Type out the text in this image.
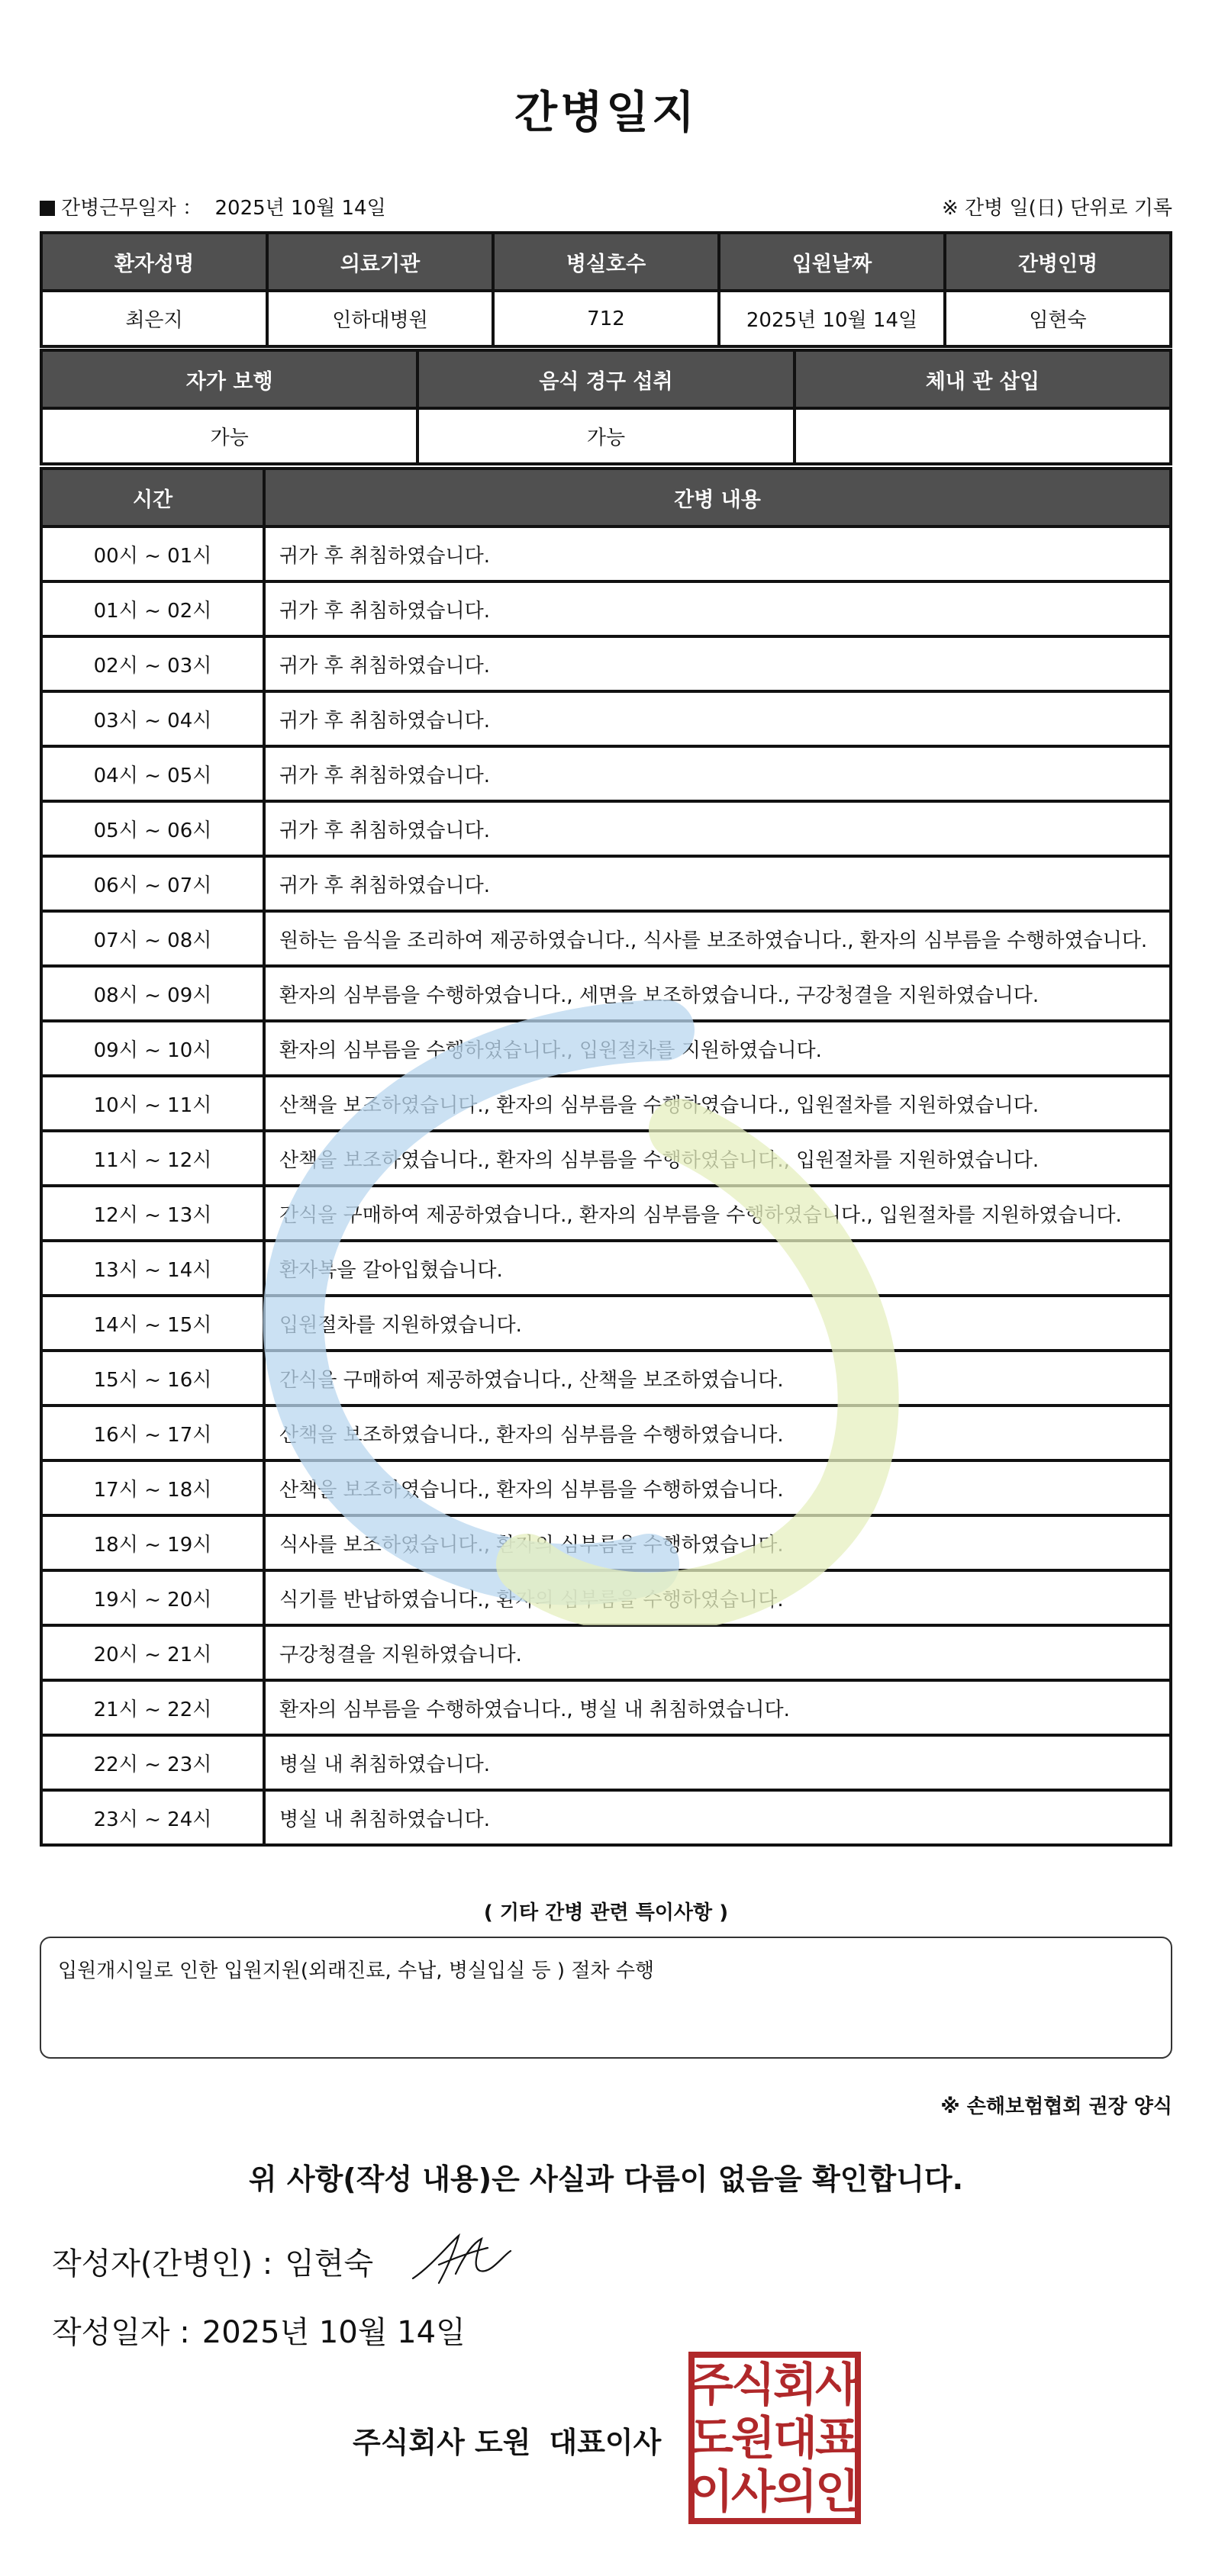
간병일지
간병근무일자 ： 2025년 10월 14일	※ 간병 일(日) 단위로 기록
환자성명	의료기관	병실호수	입원날짜	간병인명
최은지	인하대병원	712	2025년 10월 14일	임현숙
자가 보행	음식 경구 섭취	체내 관 삽입
가능	가능	
시간	간병 내용
00시 ~ 01시	귀가 후 취침하였습니다.
01시 ~ 02시	귀가 후 취침하였습니다.
02시 ~ 03시	귀가 후 취침하였습니다.
03시 ~ 04시	귀가 후 취침하였습니다.
04시 ~ 05시	귀가 후 취침하였습니다.
05시 ~ 06시	귀가 후 취침하였습니다.
06시 ~ 07시	귀가 후 취침하였습니다.
07시 ~ 08시	원하는 음식을 조리하여 제공하였습니다., 식사를 보조하였습니다., 환자의 심부름을 수행하였습니다.
08시 ~ 09시	환자의 심부름을 수행하였습니다., 세면을 보조하였습니다., 구강청결을 지원하였습니다.
09시 ~ 10시	환자의 심부름을 수행하였습니다., 입원절차를 지원하였습니다.
10시 ~ 11시	산책을 보조하였습니다., 환자의 심부름을 수행하였습니다., 입원절차를 지원하였습니다.
11시 ~ 12시	산책을 보조하였습니다., 환자의 심부름을 수행하였습니다., 입원절차를 지원하였습니다.
12시 ~ 13시	간식을 구매하여 제공하였습니다., 환자의 심부름을 수행하였습니다., 입원절차를 지원하였습니다.
13시 ~ 14시	환자복을 갈아입혔습니다.
14시 ~ 15시	입원절차를 지원하였습니다.
15시 ~ 16시	간식을 구매하여 제공하였습니다., 산책을 보조하였습니다.
16시 ~ 17시	산책을 보조하였습니다., 환자의 심부름을 수행하였습니다.
17시 ~ 18시	산책을 보조하였습니다., 환자의 심부름을 수행하였습니다.
18시 ~ 19시	식사를 보조하였습니다., 환자의 심부름을 수행하였습니다.
19시 ~ 20시	식기를 반납하였습니다., 환자의 심부름을 수행하였습니다.
20시 ~ 21시	구강청결을 지원하였습니다.
21시 ~ 22시	환자의 심부름을 수행하였습니다., 병실 내 취침하였습니다.
22시 ~ 23시	병실 내 취침하였습니다.
23시 ~ 24시	병실 내 취침하였습니다.
( 기타 간병 관련 특이사항 )
입원개시일로 인한 입원지원(외래진료, 수납, 병실입실 등 ) 절차 수행
※ 손해보험협회 권장 양식
위 사항(작성 내용)은 사실과 다름이 없음을 확인합니다.
작성자(간병인) : 임현숙
작성일자 : 2025년 10월 14일
주식회사 도원 대표이사
주
식
회
사
도
원
대
표
이
사
의
인
